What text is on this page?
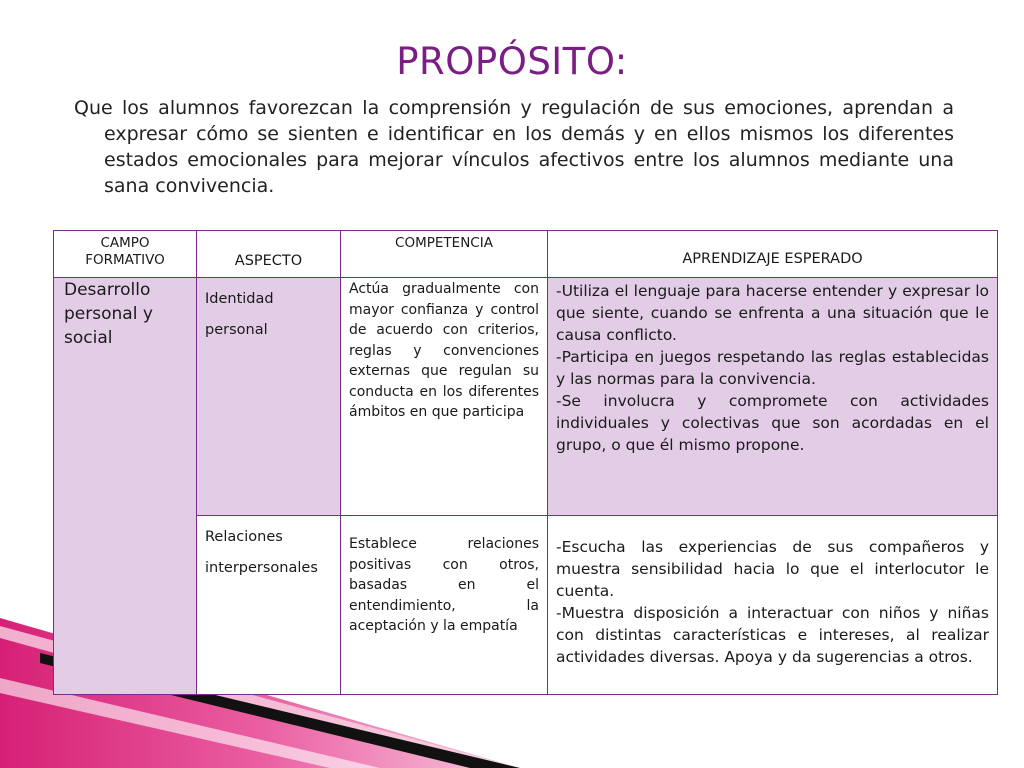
PROPÓSITO:
Que los alumnos favorezcan la comprensión y regulación de sus emociones, aprendan a expresar cómo se sienten e identificar en los demás y en ellos mismos los diferentes estados emocionales para mejorar vínculos afectivos entre los alumnos mediante una sana convivencia.
CAMPO FORMATIVO	ASPECTO	COMPETENCIA	APRENDIZAJE ESPERADO

Desarrollo personal y social	Identidad personal	Actúa gradualmente con mayor confianza y control de acuerdo con criterios, reglas y convenciones externas que regulan su conducta en los diferentes ámbitos en que participa	-Utiliza el lenguaje para hacerse entender y expresar lo que siente, cuando se enfrenta a una situación que le causa conflicto.
-Participa en juegos respetando las reglas establecidas y las normas para la convivencia.
-Se involucra y compromete con actividades individuales y colectivas que son acordadas en el grupo, o que él mismo propone.

	Relaciones interpersonales	Establece relaciones positivas con otros, basadas en el entendimiento, la aceptación y la empatía	-Escucha las experiencias de sus compañeros y muestra sensibilidad hacia lo que el interlocutor le cuenta.
-Muestra disposición a interactuar con niños y niñas con distintas características e intereses, al realizar actividades diversas. Apoya y da sugerencias a otros.
